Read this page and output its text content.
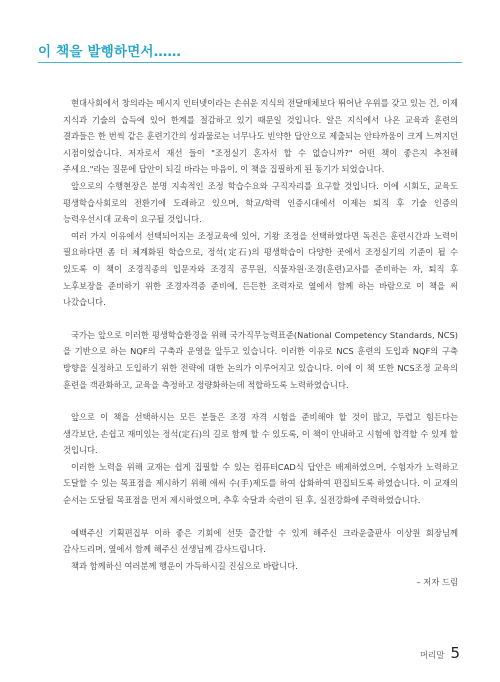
이 책을 발행하면서……

현대사회에서 창의라는 메시지 인터넷이라는 손쉬운 지식의 전달매체보다 뛰어난 우위를 갖고 있는 건, 이제 지식과 기술의 습득에 있어 한계를 절감하고 있기 때문일 것입니다. 알은 지식에서 나온 교육과 훈련의 결과들은 한 번씩 같은 훈련기간의 성과물로는 너무나도 빈약한 답안으로 제출되는 안타까움이 크게 느껴지던 시점이었습니다. 저자로서 재선 들이 "조정실기 혼자서 할 수 없습니까?" 어떤 책이 좋은지 추천해 주세요."라는 질문에 답안이 되길 바라는 마음이, 이 책을 집필하게 된 동기가 되었습니다.

앞으로의 수행현장은 분명 지속적인 조정 학습수요와 구직자리를 요구할 것입니다. 이에 시회도, 교육도 평생학습사회로의 전환기에 도래하고 있으며, 학교/학력 인증시대에서 이제는 퇴직 후 기술 인증의 능력우선시대 교육이 요구될 것입니다.

여러 가지 이유에서 선택되어지는 조정교육에 있어, 기왕 조정을 선택하였다면 독진은 훈련시간과 노력이 필요하다면 좀 더 체계화된 학습으로, 정석(定石)의 평생학습이 다양한 곳에서 조정실기의 기준이 될 수 있도록 이 책이 조경직종의 입문자와 조경직 공무원, 식물자원·조경(훈련)교사를 준비하는 자, 퇴직 후 노후보장을 준비하기 위한 조경자격증 준비에, 든든한 조력자로 옆에서 함께 하는 바람으로 이 책을 써 나갔습니다.

국가는 앞으로 이러한 평생학습환경을 위해 국가직무능력표준(National Competency Standards, NCS)을 기반으로 하는 NQF의 구축과 운영을 앞두고 있습니다. 이러한 이유로 NCS 훈련의 도입과 NQF의 구축 방향을 실정하고 도입하기 위한 전략에 대한 논의가 이루어지고 있습니다. 이에 이 책 또한 NCS조정 교육의 훈련을 객관화하고, 교육을 측정하고 정량화하는데 적합하도록 노력하였습니다.

앞으로 이 책을 선택하시는 모든 분들은 조경 자격 시험을 준비해야 할 것이 많고, 두렵고 힘든다는 생각보단, 손쉽고 재미있는 정석(定石)의 길로 함께 할 수 있도록, 이 책이 안내하고 시험에 합격할 수 있게 할 것입니다.

이러한 노력을 위해 교재는 쉽게 집필할 수 있는 컴퓨터CAD식 답안은 배제하였으며, 수험자가 노력하고 도달할 수 있는 목표점을 제시하기 위해 애써 수(手)제도를 하여 삽화하여 편집되도록 하였습니다. 이 교재의 순서는 도달될 목표점을 먼저 제시하였으며, 추후 숙달과 숙련이 된 후, 실전강화에 주력하였습니다.

예백주신 기획편집부 이하 좋은 기회에 선뜻 출간할 수 있게 해주신 크라운출판사 이상원 회장님께 감사드리며, 옆에서 함께 해주신 선생님께 감사드립니다.

책과 함께하신 여러분께 행운이 가득하시길 진심으로 바랍니다.

– 저자 드림

머리말 5
